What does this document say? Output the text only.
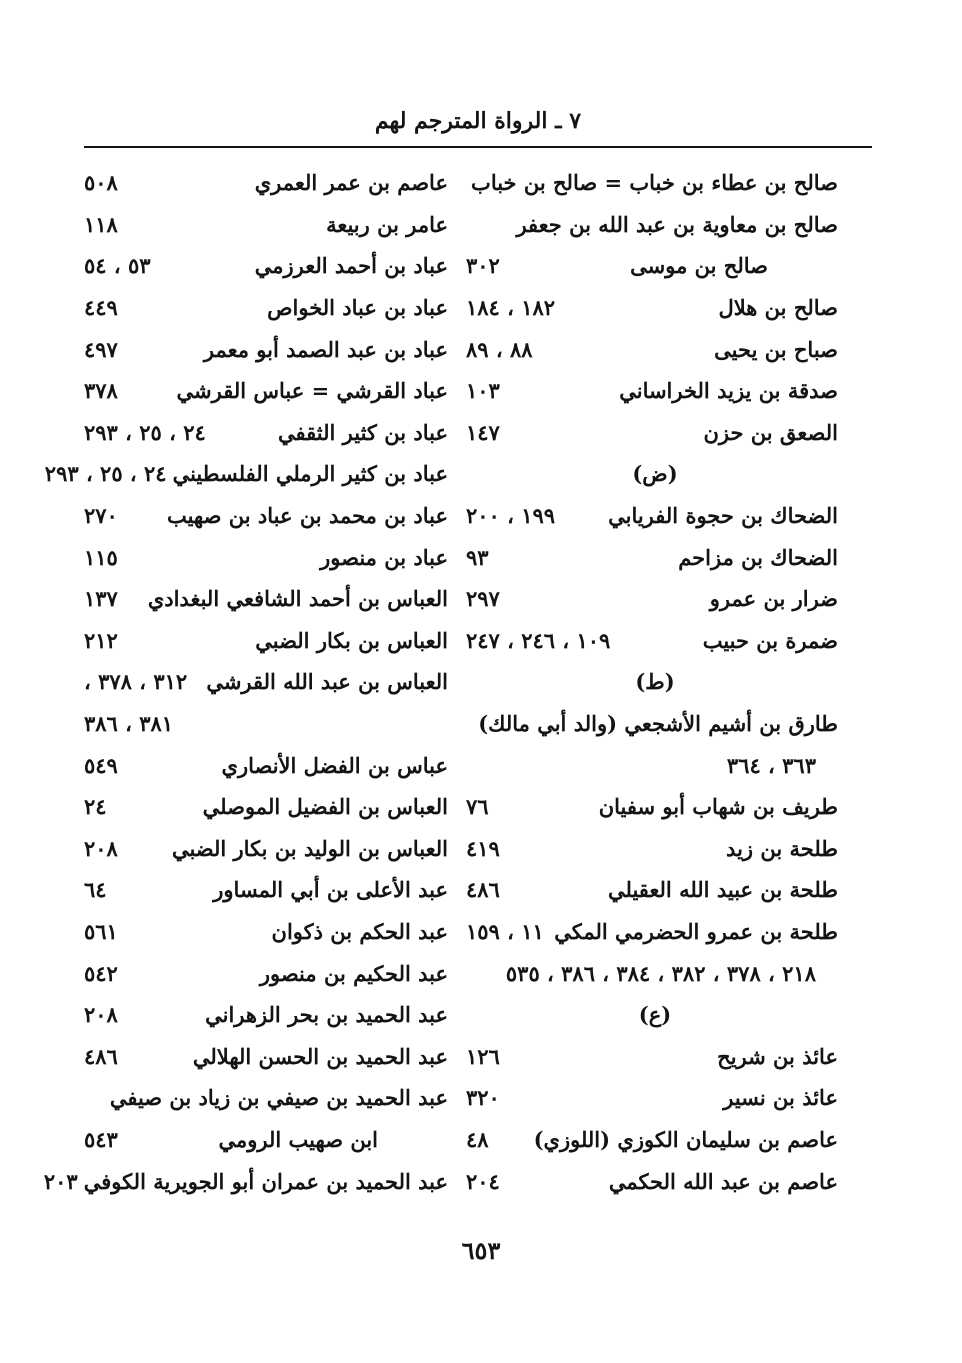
٧ ـ الرواة المترجم لهم
صالح بن عطاء بن خباب = صالح بن خباب
صالح بن معاوية بن عبد الله بن جعفر
صالح بن موسى
٣٠٢
صالح بن هلال
١٨٢ ، ١٨٤
صباح بن يحيى
٨٨ ، ٨٩
صدقة بن يزيد الخراساني
١٠٣
الصعق بن حزن
١٤٧
(ض)
الضحاك بن حجوة الفريابي
١٩٩ ، ٢٠٠
الضحاك بن مزاحم
٩٣
ضرار بن عمرو
٢٩٧
ضمرة بن حبيب
١٠٩ ، ٢٤٦ ، ٢٤٧
(ط)
طارق بن أشيم الأشجعي (والد أبي مالك)
٣٦٣ ، ٣٦٤
طريف بن شهاب أبو سفيان
٧٦
طلحة بن زيد
٤١٩
طلحة بن عبيد الله العقيلي
٤٨٦
طلحة بن عمرو الحضرمي المكي
١١ ، ١٥٩
٢١٨ ، ٣٧٨ ، ٣٨٢ ، ٣٨٤ ، ٣٨٦ ، ٥٣٥
(ع)
عائذ بن شريح
١٢٦
عائذ بن نسير
٣٢٠
عاصم بن سليمان الكوزي (اللوزي)
٤٨
عاصم بن عبد الله الحكمي
٢٠٤
عاصم بن عمر العمري
٥٠٨
عامر بن ربيعة
١١٨
عباد بن أحمد العرزمي
٥٣ ، ٥٤
عباد بن عباد الخواص
٤٤٩
عباد بن عبد الصمد أبو معمر
٤٩٧
عباد القرشي = عباس القرشي
٣٧٨
عباد بن كثير الثقفي
٢٤ ، ٢٥ ، ٢٩٣
عباد بن كثير الرملي الفلسطيني
٢٤ ، ٢٥ ، ٢٩٣
عباد بن محمد بن عباد بن صهيب
٢٧٠
عباد بن منصور
١١٥
العباس بن أحمد الشافعي البغدادي
١٣٧
العباس بن بكار الضبي
٢١٢
العباس بن عبد الله القرشي
٣١٢ ، ٣٧٨ ،
٣٨١ ، ٣٨٦
عباس بن الفضل الأنصاري
٥٤٩
العباس بن الفضيل الموصلي
٢٤
العباس بن الوليد بن بكار الضبي
٢٠٨
عبد الأعلى بن أبي المساور
٦٤
عبد الحكم بن ذكوان
٥٦١
عبد الحكيم بن منصور
٥٤٢
عبد الحميد بن بحر الزهراني
٢٠٨
عبد الحميد بن الحسن الهلالي
٤٨٦
عبد الحميد بن صيفي بن زياد بن صيفي
ابن صهيب الرومي
٥٤٣
عبد الحميد بن عمران أبو الجويرية الكوفي
٢٠٣
٦٥٣
